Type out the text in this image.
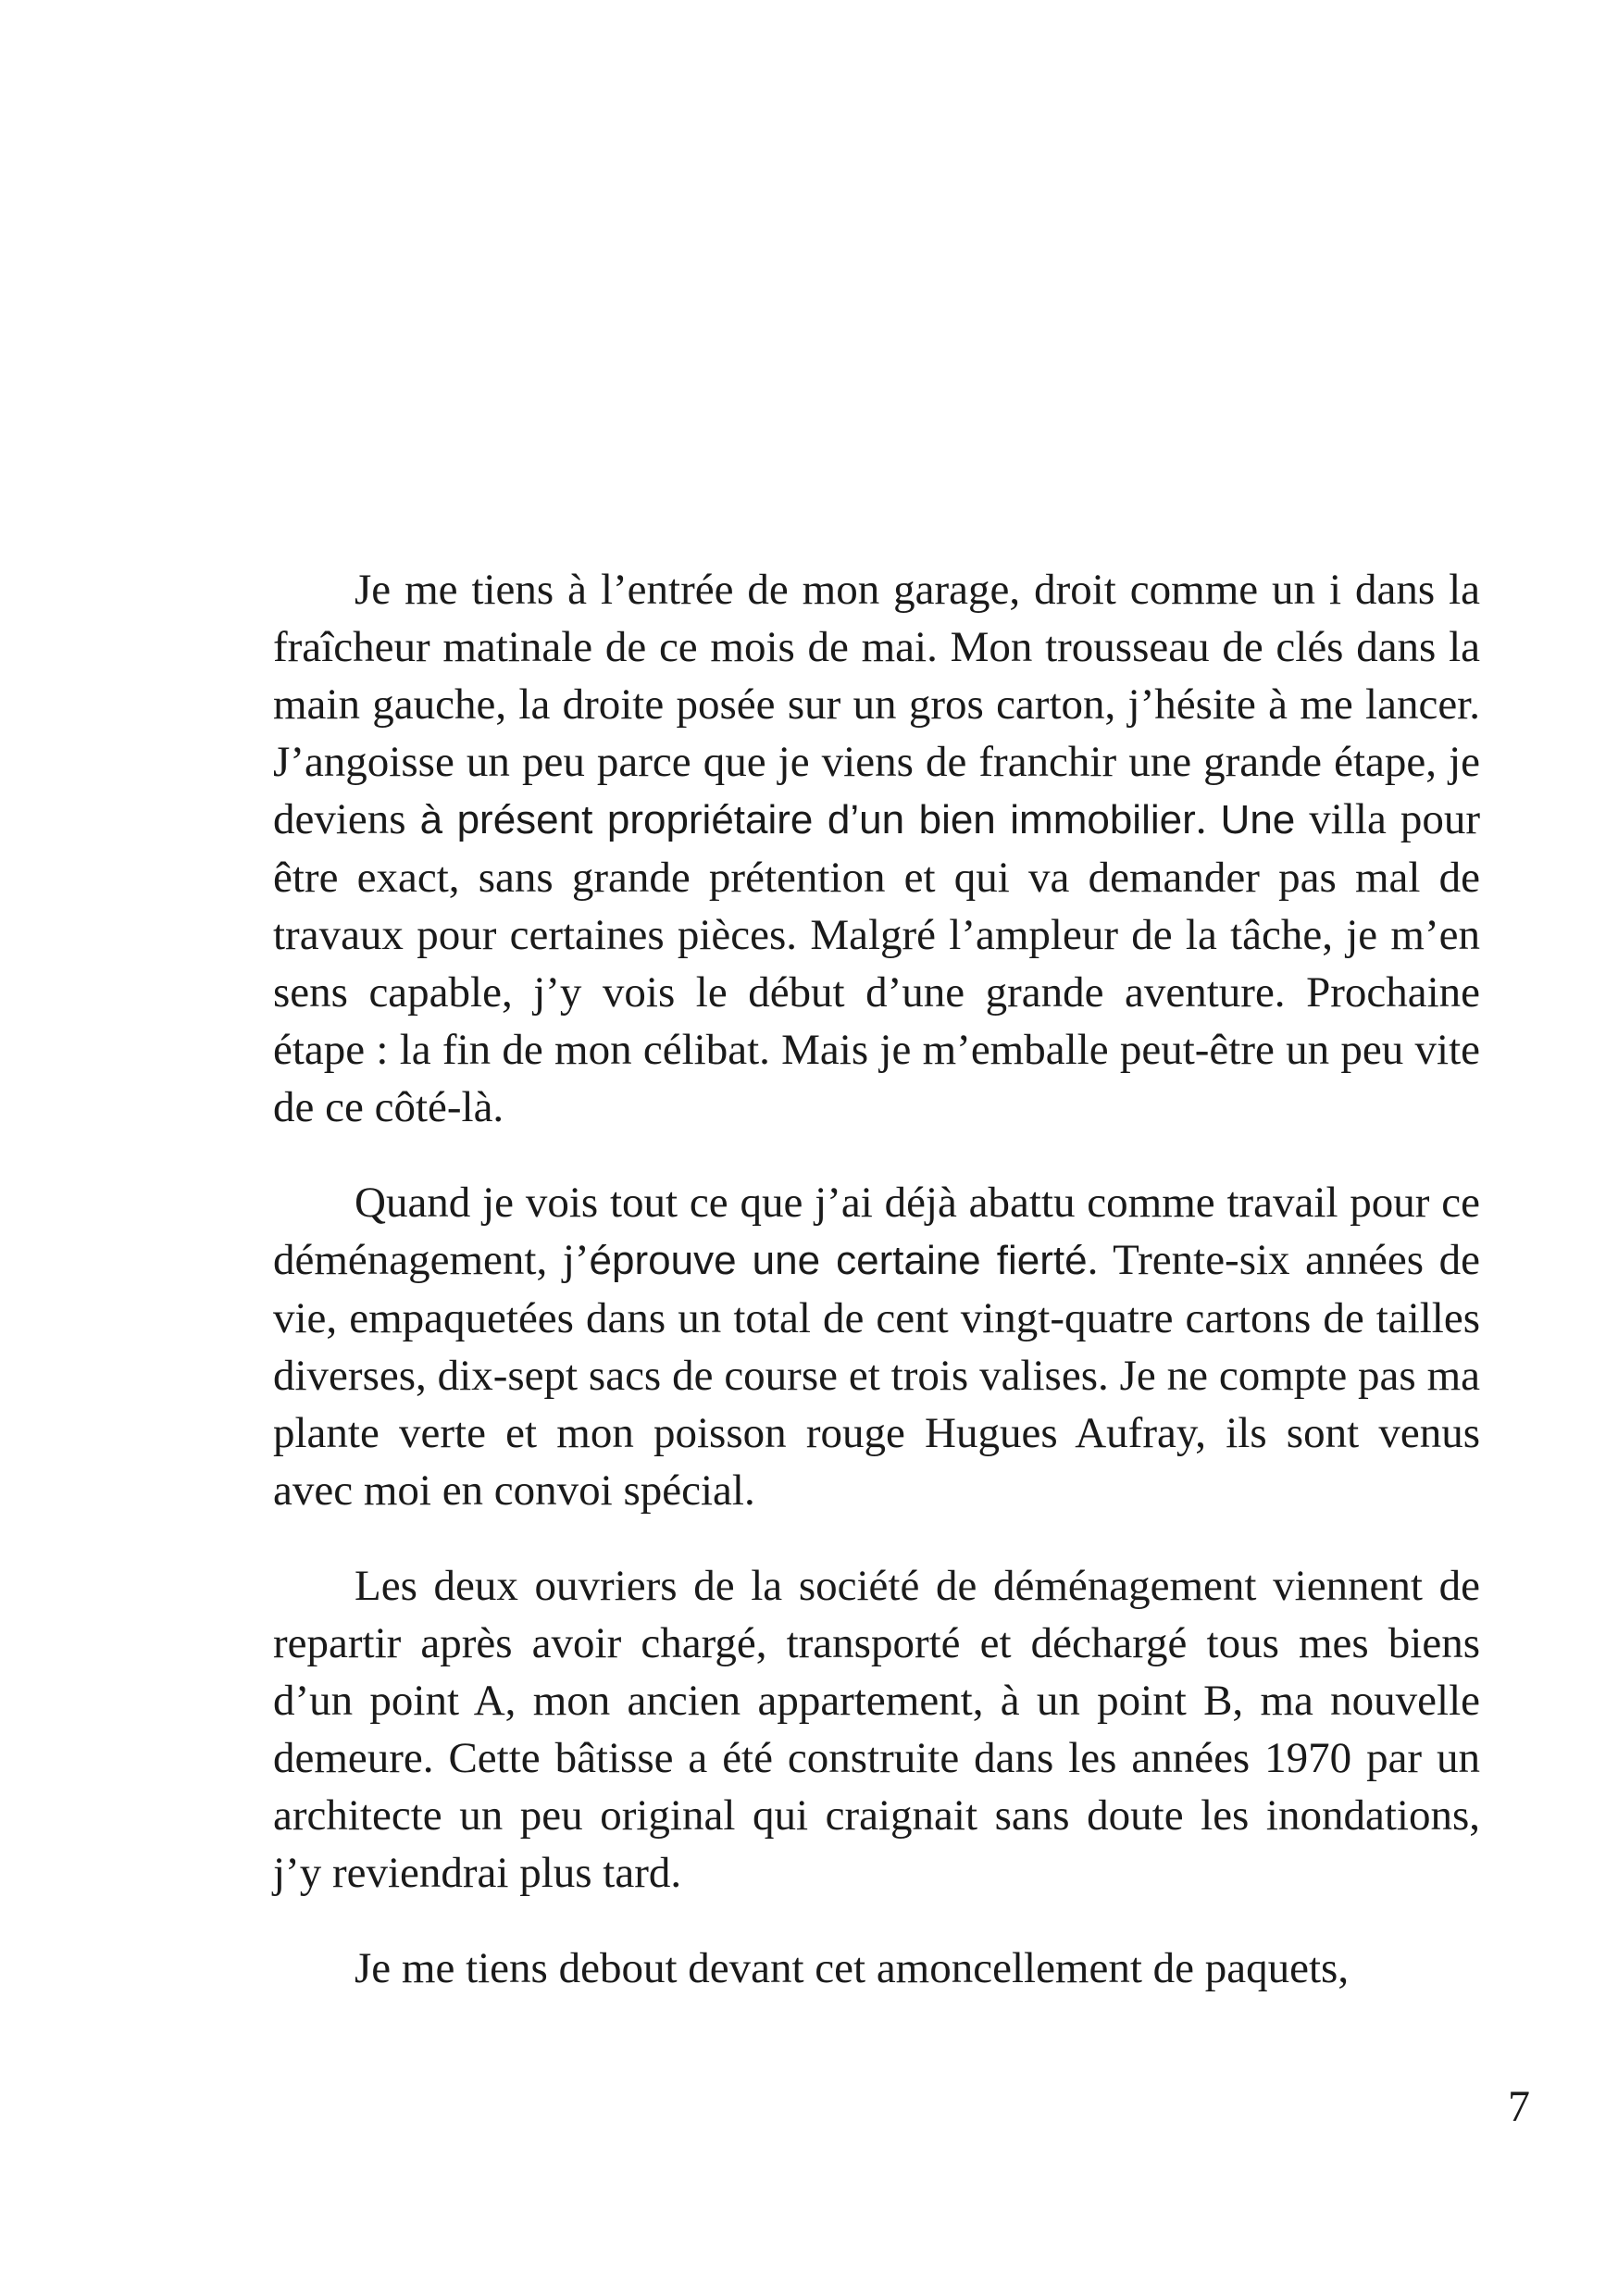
Je me tiens à l’entrée de mon garage, droit comme un i dans la fraîcheur matinale de ce mois de mai. Mon trousseau de clés dans la main gauche, la droite posée sur un gros carton, j’hésite à me lancer. J’angoisse un peu parce que je viens de franchir une grande étape, je deviens à présent propriétaire d’un bien immobilier. Une villa pour être exact, sans grande prétention et qui va demander pas mal de travaux pour certaines pièces. Malgré l’ampleur de la tâche, je m’en sens capable, j’y vois le début d’une grande aventure. Prochaine étape : la fin de mon célibat. Mais je m’emballe peut-être un peu vite de ce côté-là.

Quand je vois tout ce que j’ai déjà abattu comme travail pour ce déménagement, j’éprouve une certaine fierté. Trente-six années de vie, empaquetées dans un total de cent vingt-quatre cartons de tailles diverses, dix-sept sacs de course et trois valises. Je ne compte pas ma plante verte et mon poisson rouge Hugues Aufray, ils sont venus avec moi en convoi spécial.

Les deux ouvriers de la société de déménagement viennent de repartir après avoir chargé, transporté et déchargé tous mes biens d’un point A, mon ancien appartement, à un point B, ma nouvelle demeure. Cette bâtisse a été construite dans les années 1970 par un architecte un peu original qui craignait sans doute les inondations, j’y reviendrai plus tard.

Je me tiens debout devant cet amoncellement de paquets,

7
